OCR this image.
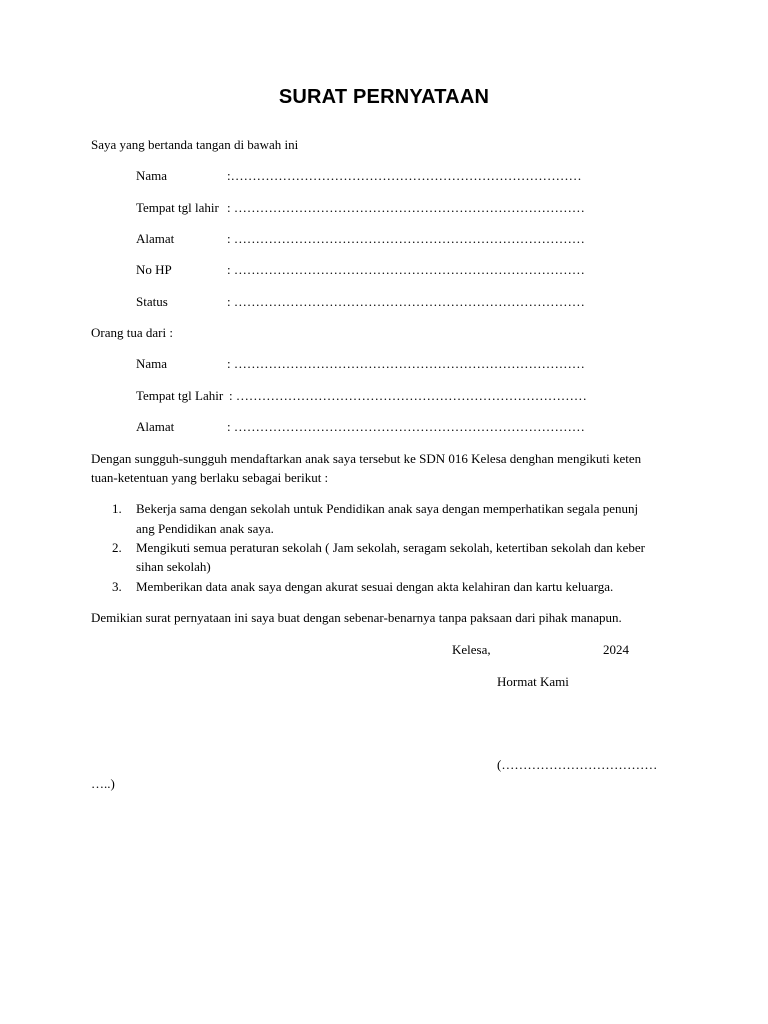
SURAT PERNYATAAN
Saya yang bertanda tangan di bawah ini
Nama	:………………………………………………………………………
Tempat tgl lahir : ………………………………………………………………………
Alamat	: ………………………………………………………………………
No HP	: ………………………………………………………………………
Status	: ………………………………………………………………………
Orang tua dari :
Nama	: ………………………………………………………………………
Tempat tgl Lahir : ………………………………………………………………………
Alamat	: ………………………………………………………………………
Dengan sungguh-sungguh mendaftarkan anak saya tersebut ke SDN 016 Kelesa denghan mengikuti keten
tuan-ketentuan yang berlaku sebagai berikut :
1. Bekerja sama dengan sekolah untuk Pendidikan anak saya dengan memperhatikan segala penunj
ang Pendidikan anak saya.
2. Mengikuti semua peraturan sekolah ( Jam sekolah, seragam sekolah, ketertiban sekolah dan keber
sihan sekolah)
3. Memberikan data anak saya dengan akurat sesuai dengan akta kelahiran dan kartu keluarga.
Demikian surat pernyataan ini saya buat dengan sebenar-benarnya tanpa paksaan dari pihak manapun.
Kelesa,	2024
Hormat Kami
(………………………………
…..)
